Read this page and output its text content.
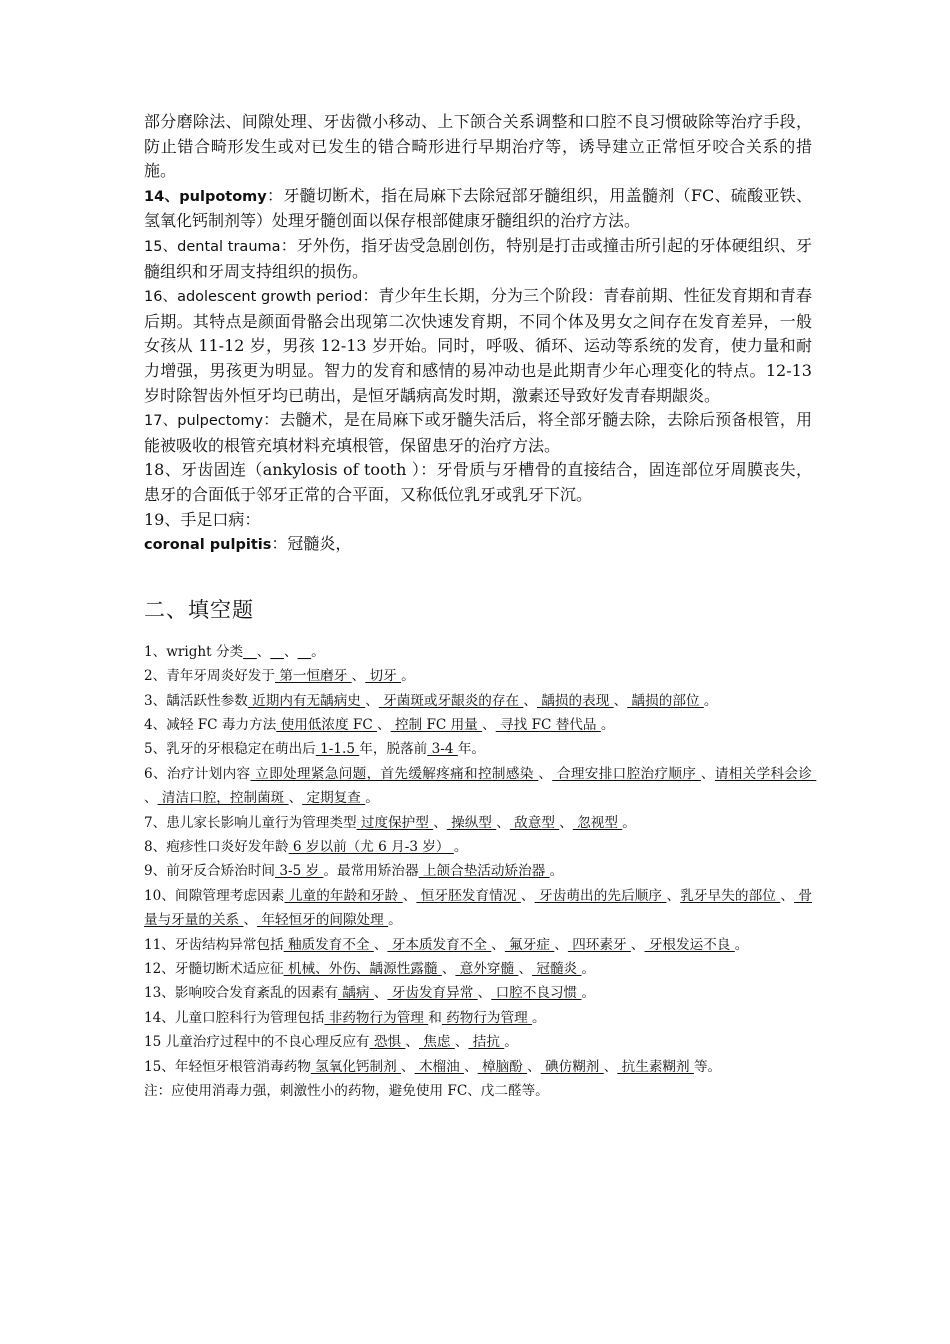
部分磨除法、间隙处理、牙齿微小移动、上下颌合关系调整和口腔不良习惯破除等治疗手段，防止错合畸形发生或对已发生的错合畸形进行早期治疗等，诱导建立正常恒牙咬合关系的措施。

14、pulpotomy：牙髓切断术，指在局麻下去除冠部牙髓组织，用盖髓剂（FC、硫酸亚铁、氢氧化钙制剂等）处理牙髓创面以保存根部健康牙髓组织的治疗方法。

15、dental trauma：牙外伤，指牙齿受急剧创伤，特别是打击或撞击所引起的牙体硬组织、牙髓组织和牙周支持组织的损伤。

16、adolescent growth period：青少年生长期，分为三个阶段：青春前期、性征发育期和青春后期。其特点是颜面骨骼会出现第二次快速发育期，不同个体及男女之间存在发育差异，一般女孩从 11-12 岁，男孩 12-13 岁开始。同时，呼吸、循环、运动等系统的发育，使力量和耐力增强，男孩更为明显。智力的发育和感情的易冲动也是此期青少年心理变化的特点。12-13 岁时除智齿外恒牙均已萌出，是恒牙龋病高发时期，激素还导致好发青春期龈炎。

17、pulpectomy：去髓术，是在局麻下或牙髓失活后，将全部牙髓去除，去除后预备根管，用能被吸收的根管充填材料充填根管，保留患牙的治疗方法。

18、牙齿固连（ankylosis of tooth ）：牙骨质与牙槽骨的直接结合，固连部位牙周膜丧失，患牙的合面低于邻牙正常的合平面，又称低位乳牙或乳牙下沉。

19、手足口病：

coronal pulpitis：冠髓炎，

二、填空题

1、wright 分类__、__、__。

2、青年牙周炎好发于 第一恒磨牙 、 切牙 。

3、龋活跃性参数 近期内有无龋病史 、 牙菌斑或牙龈炎的存在 、 龋损的表现 、 龋损的部位 。

4、减轻 FC 毒力方法 使用低浓度 FC 、 控制 FC 用量 、 寻找 FC 替代品 。

5、乳牙的牙根稳定在萌出后 1-1.5 年，脱落前 3-4 年。

6、治疗计划内容 立即处理紧急问题，首先缓解疼痛和控制感染 、 合理安排口腔治疗顺序 、请相关学科会诊 、 清洁口腔，控制菌斑 、 定期复查 。

7、患儿家长影响儿童行为管理类型 过度保护型 、 操纵型 、 敌意型 、 忽视型 。

8、疱疹性口炎好发年龄 6 岁以前（尤 6 月-3 岁） 。

9、前牙反合矫治时间 3-5 岁 。最常用矫治器 上颌合垫活动矫治器 。

10、间隙管理考虑因素 儿童的年龄和牙龄 、 恒牙胚发育情况 、 牙齿萌出的先后顺序 、乳牙早失的部位 、 骨量与牙量的关系 、 年轻恒牙的间隙处理 。

11、牙齿结构异常包括 釉质发育不全 、 牙本质发育不全 、 氟牙症 、 四环素牙 、 牙根发运不良 。

12、牙髓切断术适应征 机械、外伤、龋源性露髓 、 意外穿髓 、 冠髓炎 。

13、影响咬合发育紊乱的因素有 龋病 、 牙齿发育异常 、 口腔不良习惯 。

14、儿童口腔科行为管理包括 非药物行为管理 和 药物行为管理 。

15 儿童治疗过程中的不良心理反应有 恐惧 、 焦虑 、 拮抗 。

15、年轻恒牙根管消毒药物 氢氧化钙制剂 、 木榴油 、 樟脑酚 、 碘仿糊剂 、 抗生素糊剂 等。

注：应使用消毒力强，刺激性小的药物，避免使用 FC、戊二醛等。
